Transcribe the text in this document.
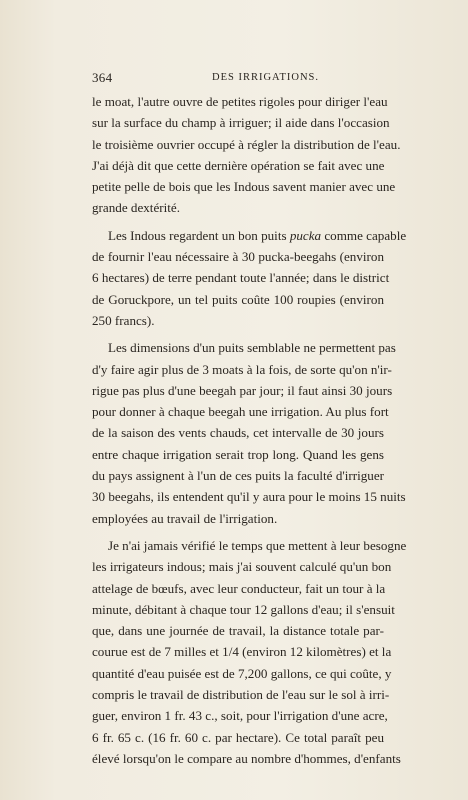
364	DES IRRIGATIONS.
le moat, l'autre ouvre de petites rigoles pour diriger l'eau
sur la surface du champ à irriguer; il aide dans l'occasion
le troisième ouvrier occupé à régler la distribution de l'eau.
J'ai déjà dit que cette dernière opération se fait avec une
petite pelle de bois que les Indous savent manier avec une
grande dextérité.
Les Indous regardent un bon puits pucka comme capable
de fournir l'eau nécessaire à 30 pucka-beegahs (environ
6 hectares) de terre pendant toute l'année; dans le district
de Goruckpore, un tel puits coûte 100 roupies (environ
250 francs).
Les dimensions d'un puits semblable ne permettent pas
d'y faire agir plus de 3 moats à la fois, de sorte qu'on n'ir-
rigue pas plus d'une beegah par jour; il faut ainsi 30 jours
pour donner à chaque beegah une irrigation. Au plus fort
de la saison des vents chauds, cet intervalle de 30 jours
entre chaque irrigation serait trop long. Quand les gens
du pays assignent à l'un de ces puits la faculté d'irriguer
30 beegahs, ils entendent qu'il y aura pour le moins 15 nuits
employées au travail de l'irrigation.
Je n'ai jamais vérifié le temps que mettent à leur besogne
les irrigateurs indous; mais j'ai souvent calculé qu'un bon
attelage de bœufs, avec leur conducteur, fait un tour à la
minute, débitant à chaque tour 12 gallons d'eau; il s'ensuit
que, dans une journée de travail, la distance totale par-
courue est de 7 milles et 1/4 (environ 12 kilomètres) et la
quantité d'eau puisée est de 7,200 gallons, ce qui coûte, y
compris le travail de distribution de l'eau sur le sol à irri-
guer, environ 1 fr. 43 c., soit, pour l'irrigation d'une acre,
6 fr. 65 c. (16 fr. 60 c. par hectare). Ce total paraît peu
élevé lorsqu'on le compare au nombre d'hommes, d'enfants
